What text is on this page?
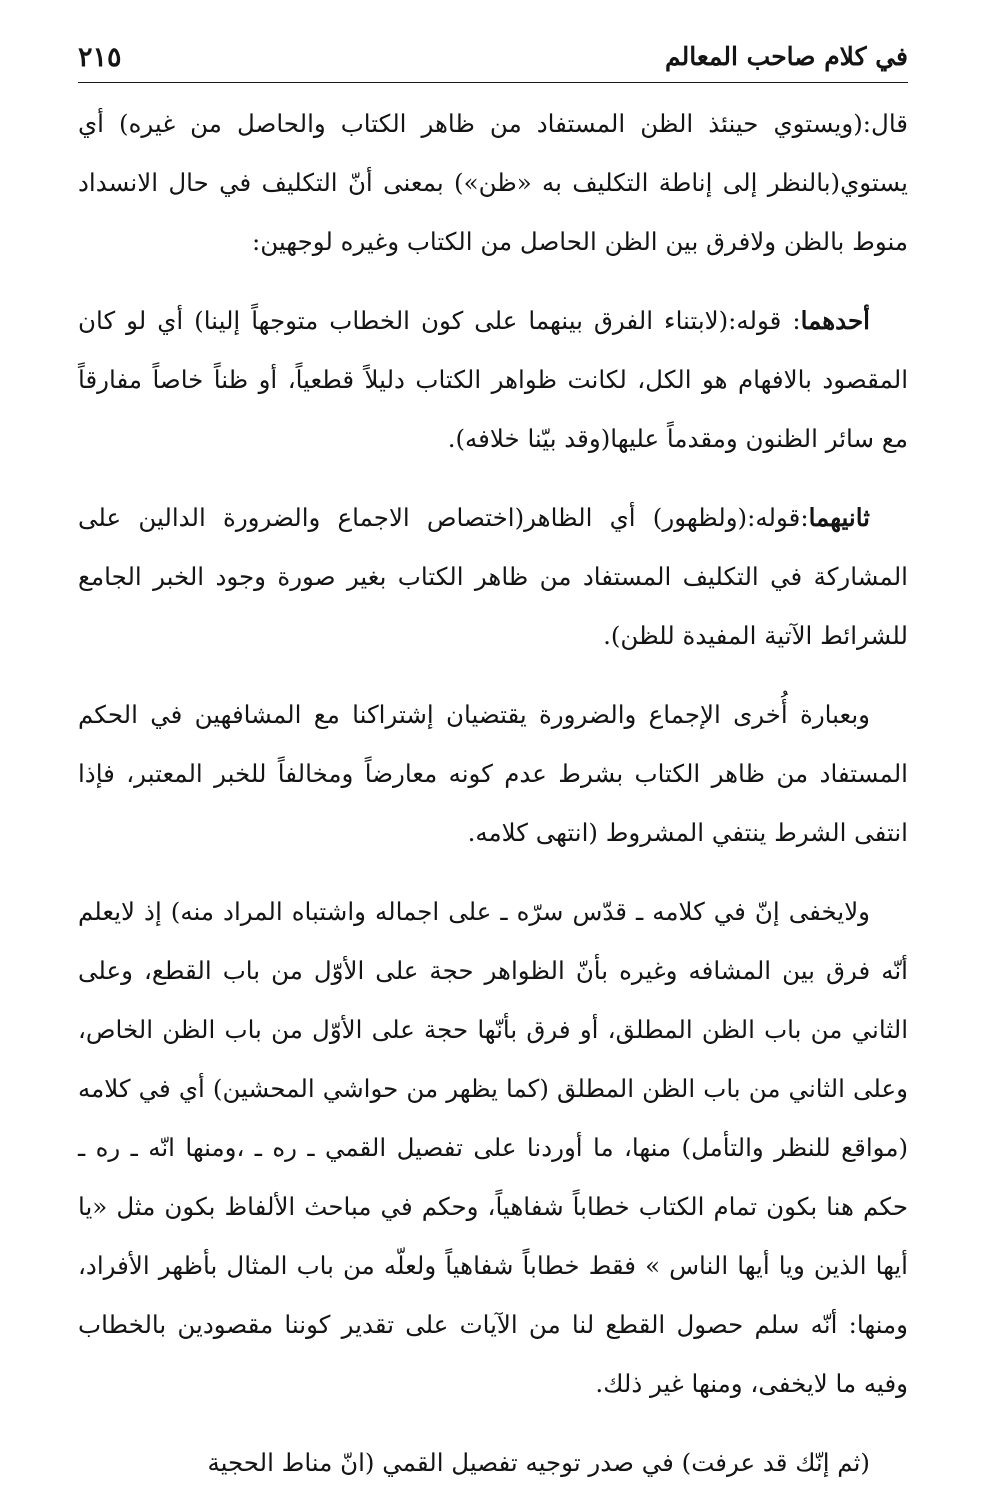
في كلام صاحب المعالم
٢١٥

قال:(ويستوي حينئذ الظن المستفاد من ظاهر الكتاب والحاصل من غيره) أي يستوي(بالنظر إلى إناطة التكليف به «ظن») بمعنى أنّ التكليف في حال الانسداد منوط بالظن ولافرق بين الظن الحاصل من الكتاب وغيره لوجهين:

أحدهما: قوله:(لابتناء الفرق بينهما على كون الخطاب متوجهاً إلينا) أي لو كان المقصود بالافهام هو الكل، لكانت ظواهر الكتاب دليلاً قطعياً، أو ظناً خاصاً مفارقاً مع سائر الظنون ومقدماً عليها(وقد بيّنا خلافه).

ثانيهما:قوله:(ولظهور) أي الظاهر(اختصاص الاجماع والضرورة الدالين على المشاركة في التكليف المستفاد من ظاهر الكتاب بغير صورة وجود الخبر الجامع للشرائط الآتية المفيدة للظن).

وبعبارة أُخرى الإجماع والضرورة يقتضيان إشتراكنا مع المشافهين في الحكم المستفاد من ظاهر الكتاب بشرط عدم كونه معارضاً ومخالفاً للخبر المعتبر، فإذا انتفى الشرط ينتفي المشروط (انتهى كلامه.

ولايخفى إنّ في كلامه ـ قدّس سرّه ـ على اجماله واشتباه المراد منه) إذ لايعلم أنّه فرق بين المشافه وغيره بأنّ الظواهر حجة على الأوّل من باب القطع، وعلى الثاني من باب الظن المطلق، أو فرق بأنّها حجة على الأوّل من باب الظن الخاص، وعلى الثاني من باب الظن المطلق (كما يظهر من حواشي المحشين) أي في كلامه (مواقع للنظر والتأمل) منها، ما أوردنا على تفصيل القمي ـ ره ـ ،ومنها انّه ـ ره ـ حكم هنا بكون تمام الكتاب خطاباً شفاهياً، وحكم في مباحث الألفاظ بكون مثل «يا أيها الذين ويا أيها الناس » فقط خطاباً شفاهياً ولعلّه من باب المثال بأظهر الأفراد، ومنها: أنّه سلم حصول القطع لنا من الآيات على تقدير كوننا مقصودين بالخطاب وفيه ما لايخفى، ومنها غير ذلك.

(ثم إنّك قد عرفت) في صدر توجيه تفصيل القمي (انّ مناط الحجية
